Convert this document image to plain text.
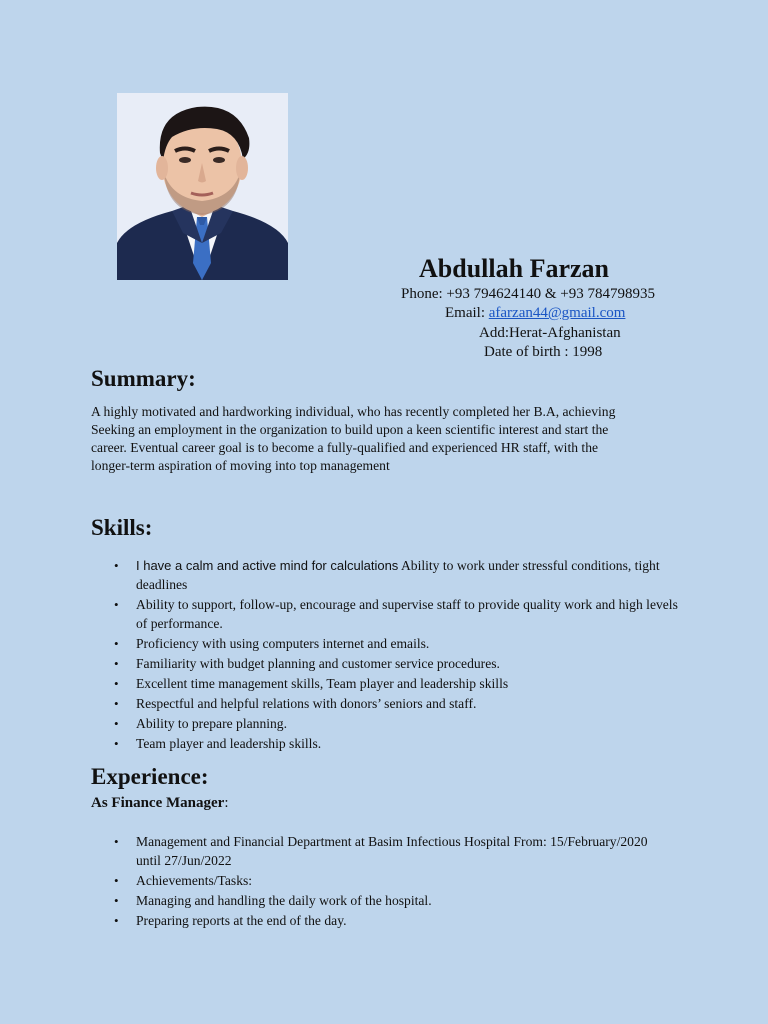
Abdullah Farzan
Phone: +93 794624140 & +93 784798935
Email: afarzan44@gmail.com
Add:Herat-Afghanistan
Date of birth : 1998
Summary:
A highly motivated and hardworking individual, who has recently completed her B.A, achieving
Seeking an employment in the organization to build upon a keen scientific interest and start the
career. Eventual career goal is to become a fully-qualified and experienced HR staff, with the
longer-term aspiration of moving into top management
Skills:
• I have a calm and active mind for calculations Ability to work under stressful conditions, tight
deadlines
• Ability to support, follow-up, encourage and supervise staff to provide quality work and high levels
of performance.
• Proficiency with using computers internet and emails.
• Familiarity with budget planning and customer service procedures.
• Excellent time management skills, Team player and leadership skills
• Respectful and helpful relations with donors’ seniors and staff.
• Ability to prepare planning.
• Team player and leadership skills.
Experience:
As Finance Manager:
• Management and Financial Department at Basim Infectious Hospital From: 15/February/2020
until 27/Jun/2022
• Achievements/Tasks:
• Managing and handling the daily work of the hospital.
• Preparing reports at the end of the day.
